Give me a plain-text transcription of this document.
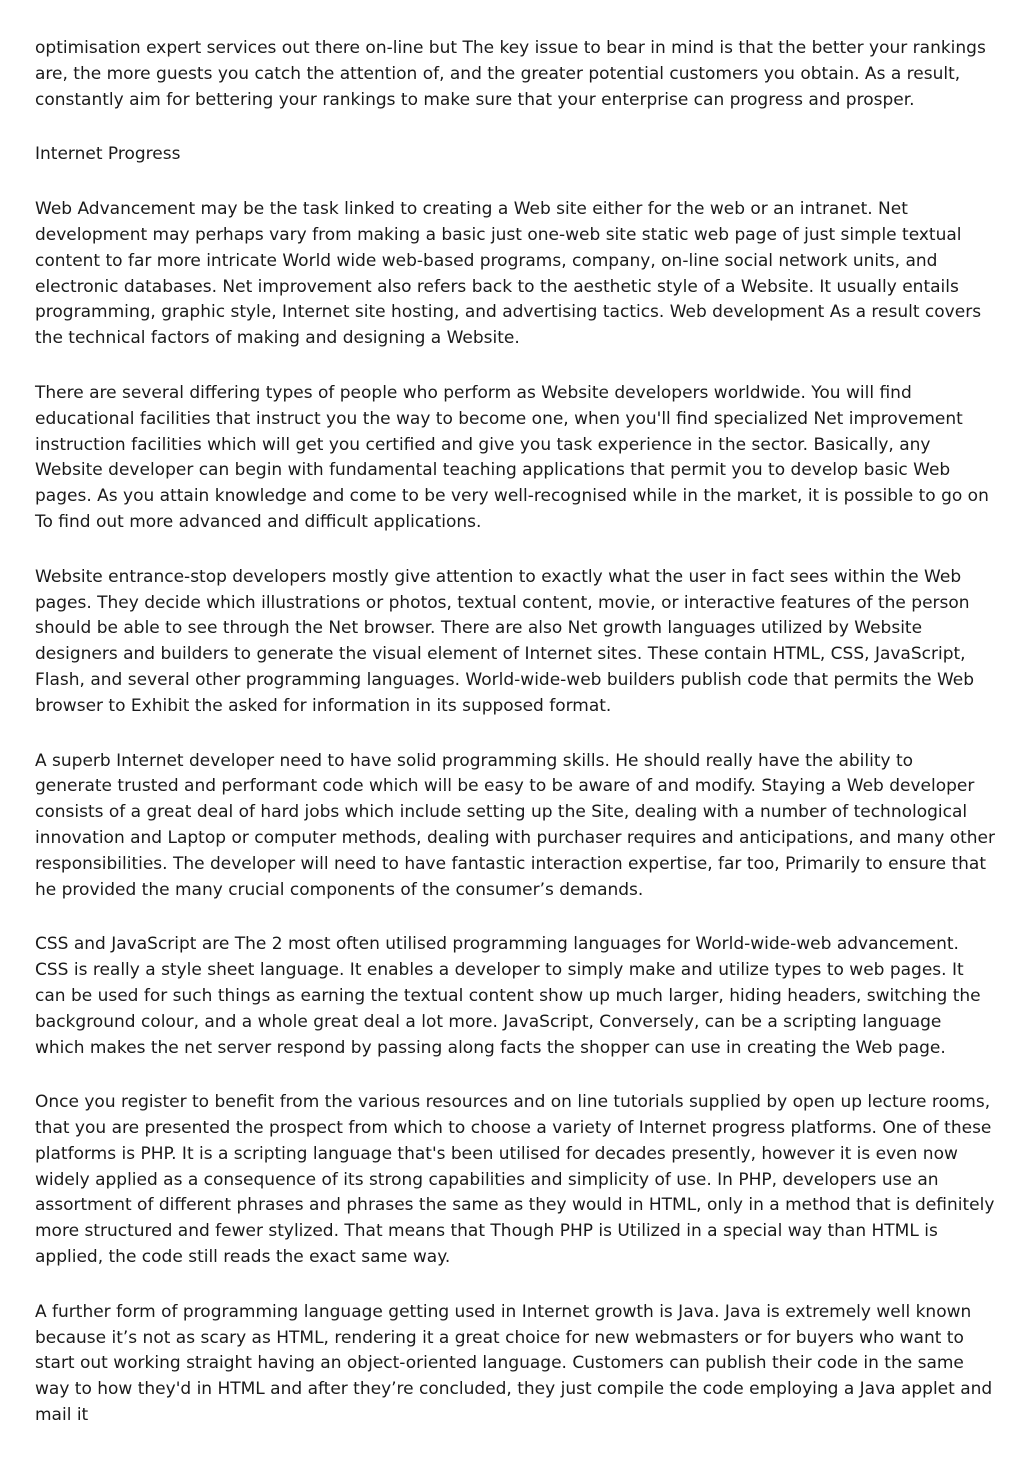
optimisation expert services out there on-line but The key issue to bear in mind is that the better your rankings are, the more guests you catch the attention of, and the greater potential customers you obtain. As a result, constantly aim for bettering your rankings to make sure that your enterprise can progress and prosper.

Internet Progress

Web Advancement may be the task linked to creating a Web site either for the web or an intranet. Net development may perhaps vary from making a basic just one-web site static web page of just simple textual content to far more intricate World wide web-based programs, company, on-line social network units, and electronic databases. Net improvement also refers back to the aesthetic style of a Website. It usually entails programming, graphic style, Internet site hosting, and advertising tactics. Web development As a result covers the technical factors of making and designing a Website.

There are several differing types of people who perform as Website developers worldwide. You will find educational facilities that instruct you the way to become one, when you'll find specialized Net improvement instruction facilities which will get you certified and give you task experience in the sector. Basically, any Website developer can begin with fundamental teaching applications that permit you to develop basic Web pages. As you attain knowledge and come to be very well-recognised while in the market, it is possible to go on To find out more advanced and difficult applications.

Website entrance-stop developers mostly give attention to exactly what the user in fact sees within the Web pages. They decide which illustrations or photos, textual content, movie, or interactive features of the person should be able to see through the Net browser. There are also Net growth languages utilized by Website designers and builders to generate the visual element of Internet sites. These contain HTML, CSS, JavaScript, Flash, and several other programming languages. World-wide-web builders publish code that permits the Web browser to Exhibit the asked for information in its supposed format.

A superb Internet developer need to have solid programming skills. He should really have the ability to generate trusted and performant code which will be easy to be aware of and modify. Staying a Web developer consists of a great deal of hard jobs which include setting up the Site, dealing with a number of technological innovation and Laptop or computer methods, dealing with purchaser requires and anticipations, and many other responsibilities. The developer will need to have fantastic interaction expertise, far too, Primarily to ensure that he provided the many crucial components of the consumer’s demands.

CSS and JavaScript are The 2 most often utilised programming languages for World-wide-web advancement. CSS is really a style sheet language. It enables a developer to simply make and utilize types to web pages. It can be used for such things as earning the textual content show up much larger, hiding headers, switching the background colour, and a whole great deal a lot more. JavaScript, Conversely, can be a scripting language which makes the net server respond by passing along facts the shopper can use in creating the Web page.

Once you register to benefit from the various resources and on line tutorials supplied by open up lecture rooms, that you are presented the prospect from which to choose a variety of Internet progress platforms. One of these platforms is PHP. It is a scripting language that's been utilised for decades presently, however it is even now widely applied as a consequence of its strong capabilities and simplicity of use. In PHP, developers use an assortment of different phrases and phrases the same as they would in HTML, only in a method that is definitely more structured and fewer stylized. That means that Though PHP is Utilized in a special way than HTML is applied, the code still reads the exact same way.

A further form of programming language getting used in Internet growth is Java. Java is extremely well known because it’s not as scary as HTML, rendering it a great choice for new webmasters or for buyers who want to start out working straight having an object-oriented language. Customers can publish their code in the same way to how they'd in HTML and after they’re concluded, they just compile the code employing a Java applet and mail it
